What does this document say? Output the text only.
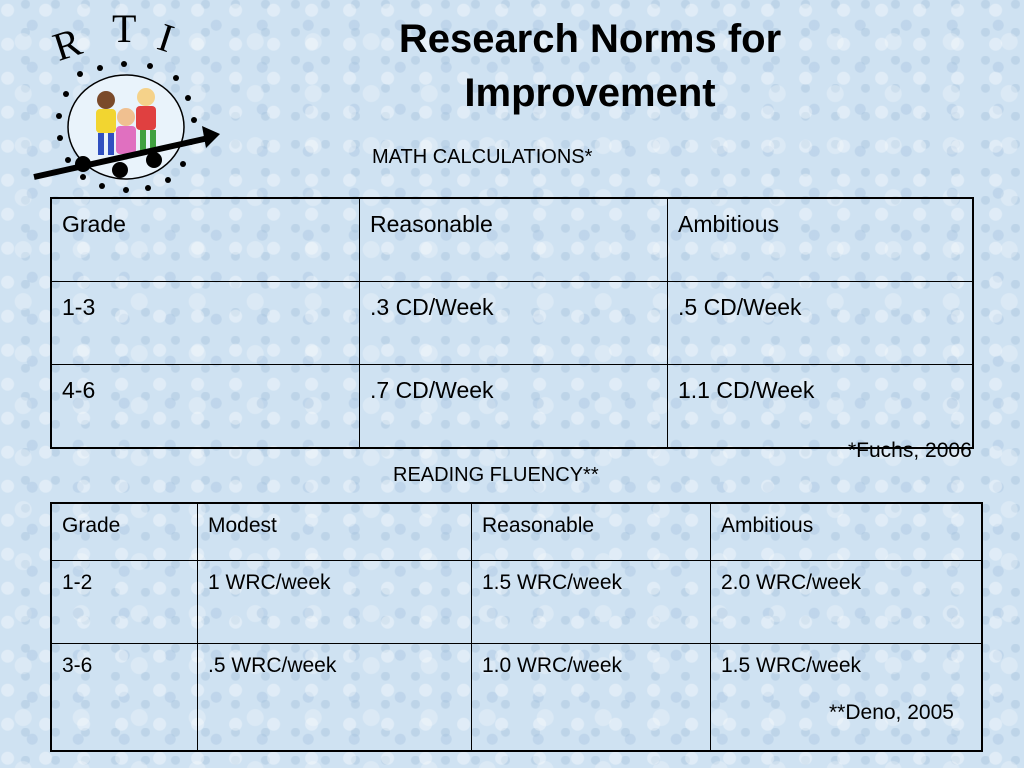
R T I	Research Norms for
Improvement

MATH CALCULATIONS*

Grade	Reasonable	Ambitious
1-3	.3 CD/Week	.5 CD/Week
4-6	.7 CD/Week	1.1 CD/Week
*Fuchs, 2006

READING FLUENCY**

Grade	Modest	Reasonable	Ambitious
1-2	1 WRC/week	1.5 WRC/week	2.0 WRC/week
3-6	.5 WRC/week	1.0 WRC/week	1.5 WRC/week
**Deno, 2005
